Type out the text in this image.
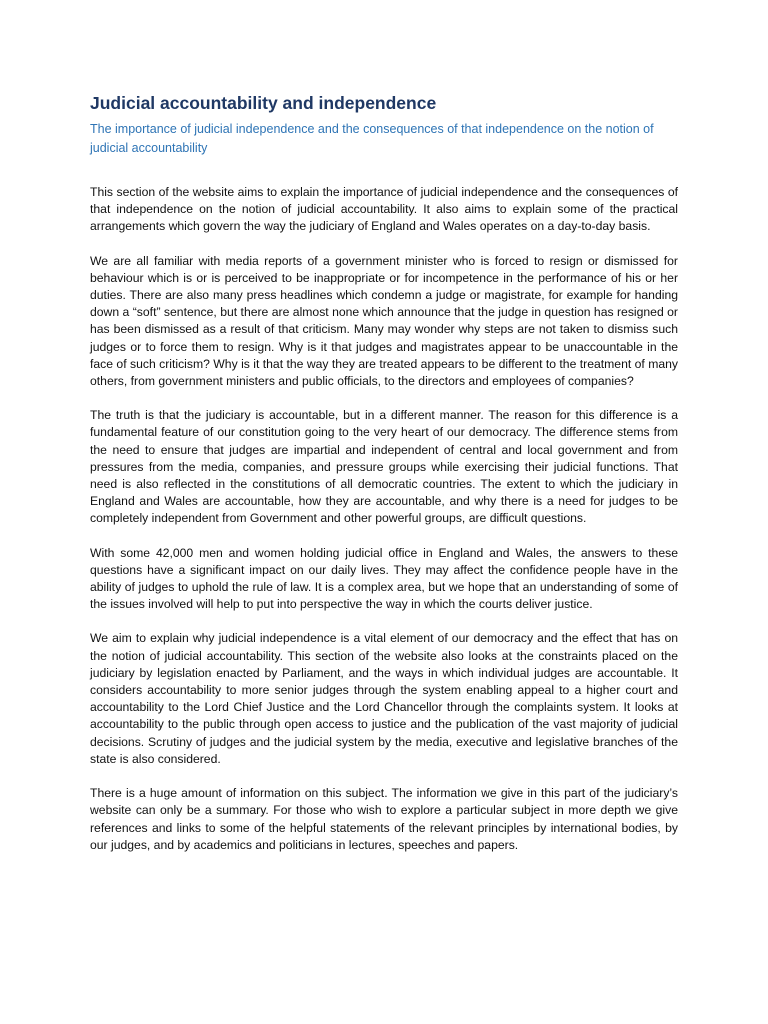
Judicial accountability and independence
The importance of judicial independence and the consequences of that independence on the notion of judicial accountability

This section of the website aims to explain the importance of judicial independence and the consequences of that independence on the notion of judicial accountability. It also aims to explain some of the practical arrangements which govern the way the judiciary of England and Wales operates on a day-to-day basis.

We are all familiar with media reports of a government minister who is forced to resign or dismissed for behaviour which is or is perceived to be inappropriate or for incompetence in the performance of his or her duties. There are also many press headlines which condemn a judge or magistrate, for example for handing down a “soft” sentence, but there are almost none which announce that the judge in question has resigned or has been dismissed as a result of that criticism. Many may wonder why steps are not taken to dismiss such judges or to force them to resign. Why is it that judges and magistrates appear to be unaccountable in the face of such criticism? Why is it that the way they are treated appears to be different to the treatment of many others, from government ministers and public officials, to the directors and employees of companies?

The truth is that the judiciary is accountable, but in a different manner. The reason for this difference is a fundamental feature of our constitution going to the very heart of our democracy. The difference stems from the need to ensure that judges are impartial and independent of central and local government and from pressures from the media, companies, and pressure groups while exercising their judicial functions. That need is also reflected in the constitutions of all democratic countries. The extent to which the judiciary in England and Wales are accountable, how they are accountable, and why there is a need for judges to be completely independent from Government and other powerful groups, are difficult questions.

With some 42,000 men and women holding judicial office in England and Wales, the answers to these questions have a significant impact on our daily lives. They may affect the confidence people have in the ability of judges to uphold the rule of law. It is a complex area, but we hope that an understanding of some of the issues involved will help to put into perspective the way in which the courts deliver justice.

We aim to explain why judicial independence is a vital element of our democracy and the effect that has on the notion of judicial accountability. This section of the website also looks at the constraints placed on the judiciary by legislation enacted by Parliament, and the ways in which individual judges are accountable. It considers accountability to more senior judges through the system enabling appeal to a higher court and accountability to the Lord Chief Justice and the Lord Chancellor through the complaints system. It looks at accountability to the public through open access to justice and the publication of the vast majority of judicial decisions. Scrutiny of judges and the judicial system by the media, executive and legislative branches of the state is also considered.

There is a huge amount of information on this subject. The information we give in this part of the judiciary’s website can only be a summary. For those who wish to explore a particular subject in more depth we give references and links to some of the helpful statements of the relevant principles by international bodies, by our judges, and by academics and politicians in lectures, speeches and papers.
